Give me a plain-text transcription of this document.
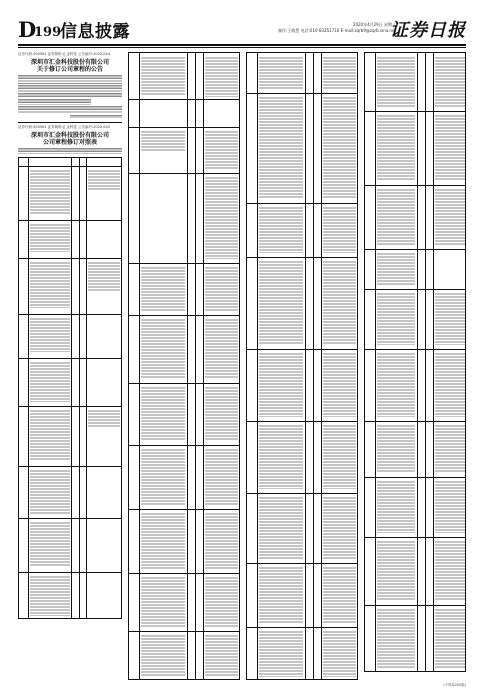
D
199
信息披露	2020年4月29日 星期三
制作:王敏慧 电话:010-83251716 E-mail:zqrb9@zqrb.sina.net
证券日报
证券代码:300561 证券简称:汇金科技 公告编号:2020-044
深圳市汇金科技股份有限公司
关于修订公司章程的公告
证券代码:300561 证券简称:汇金科技 公告编号:2020-045
深圳市汇金科技股份有限公司
公司章程修订对照表
(下转D200版)
